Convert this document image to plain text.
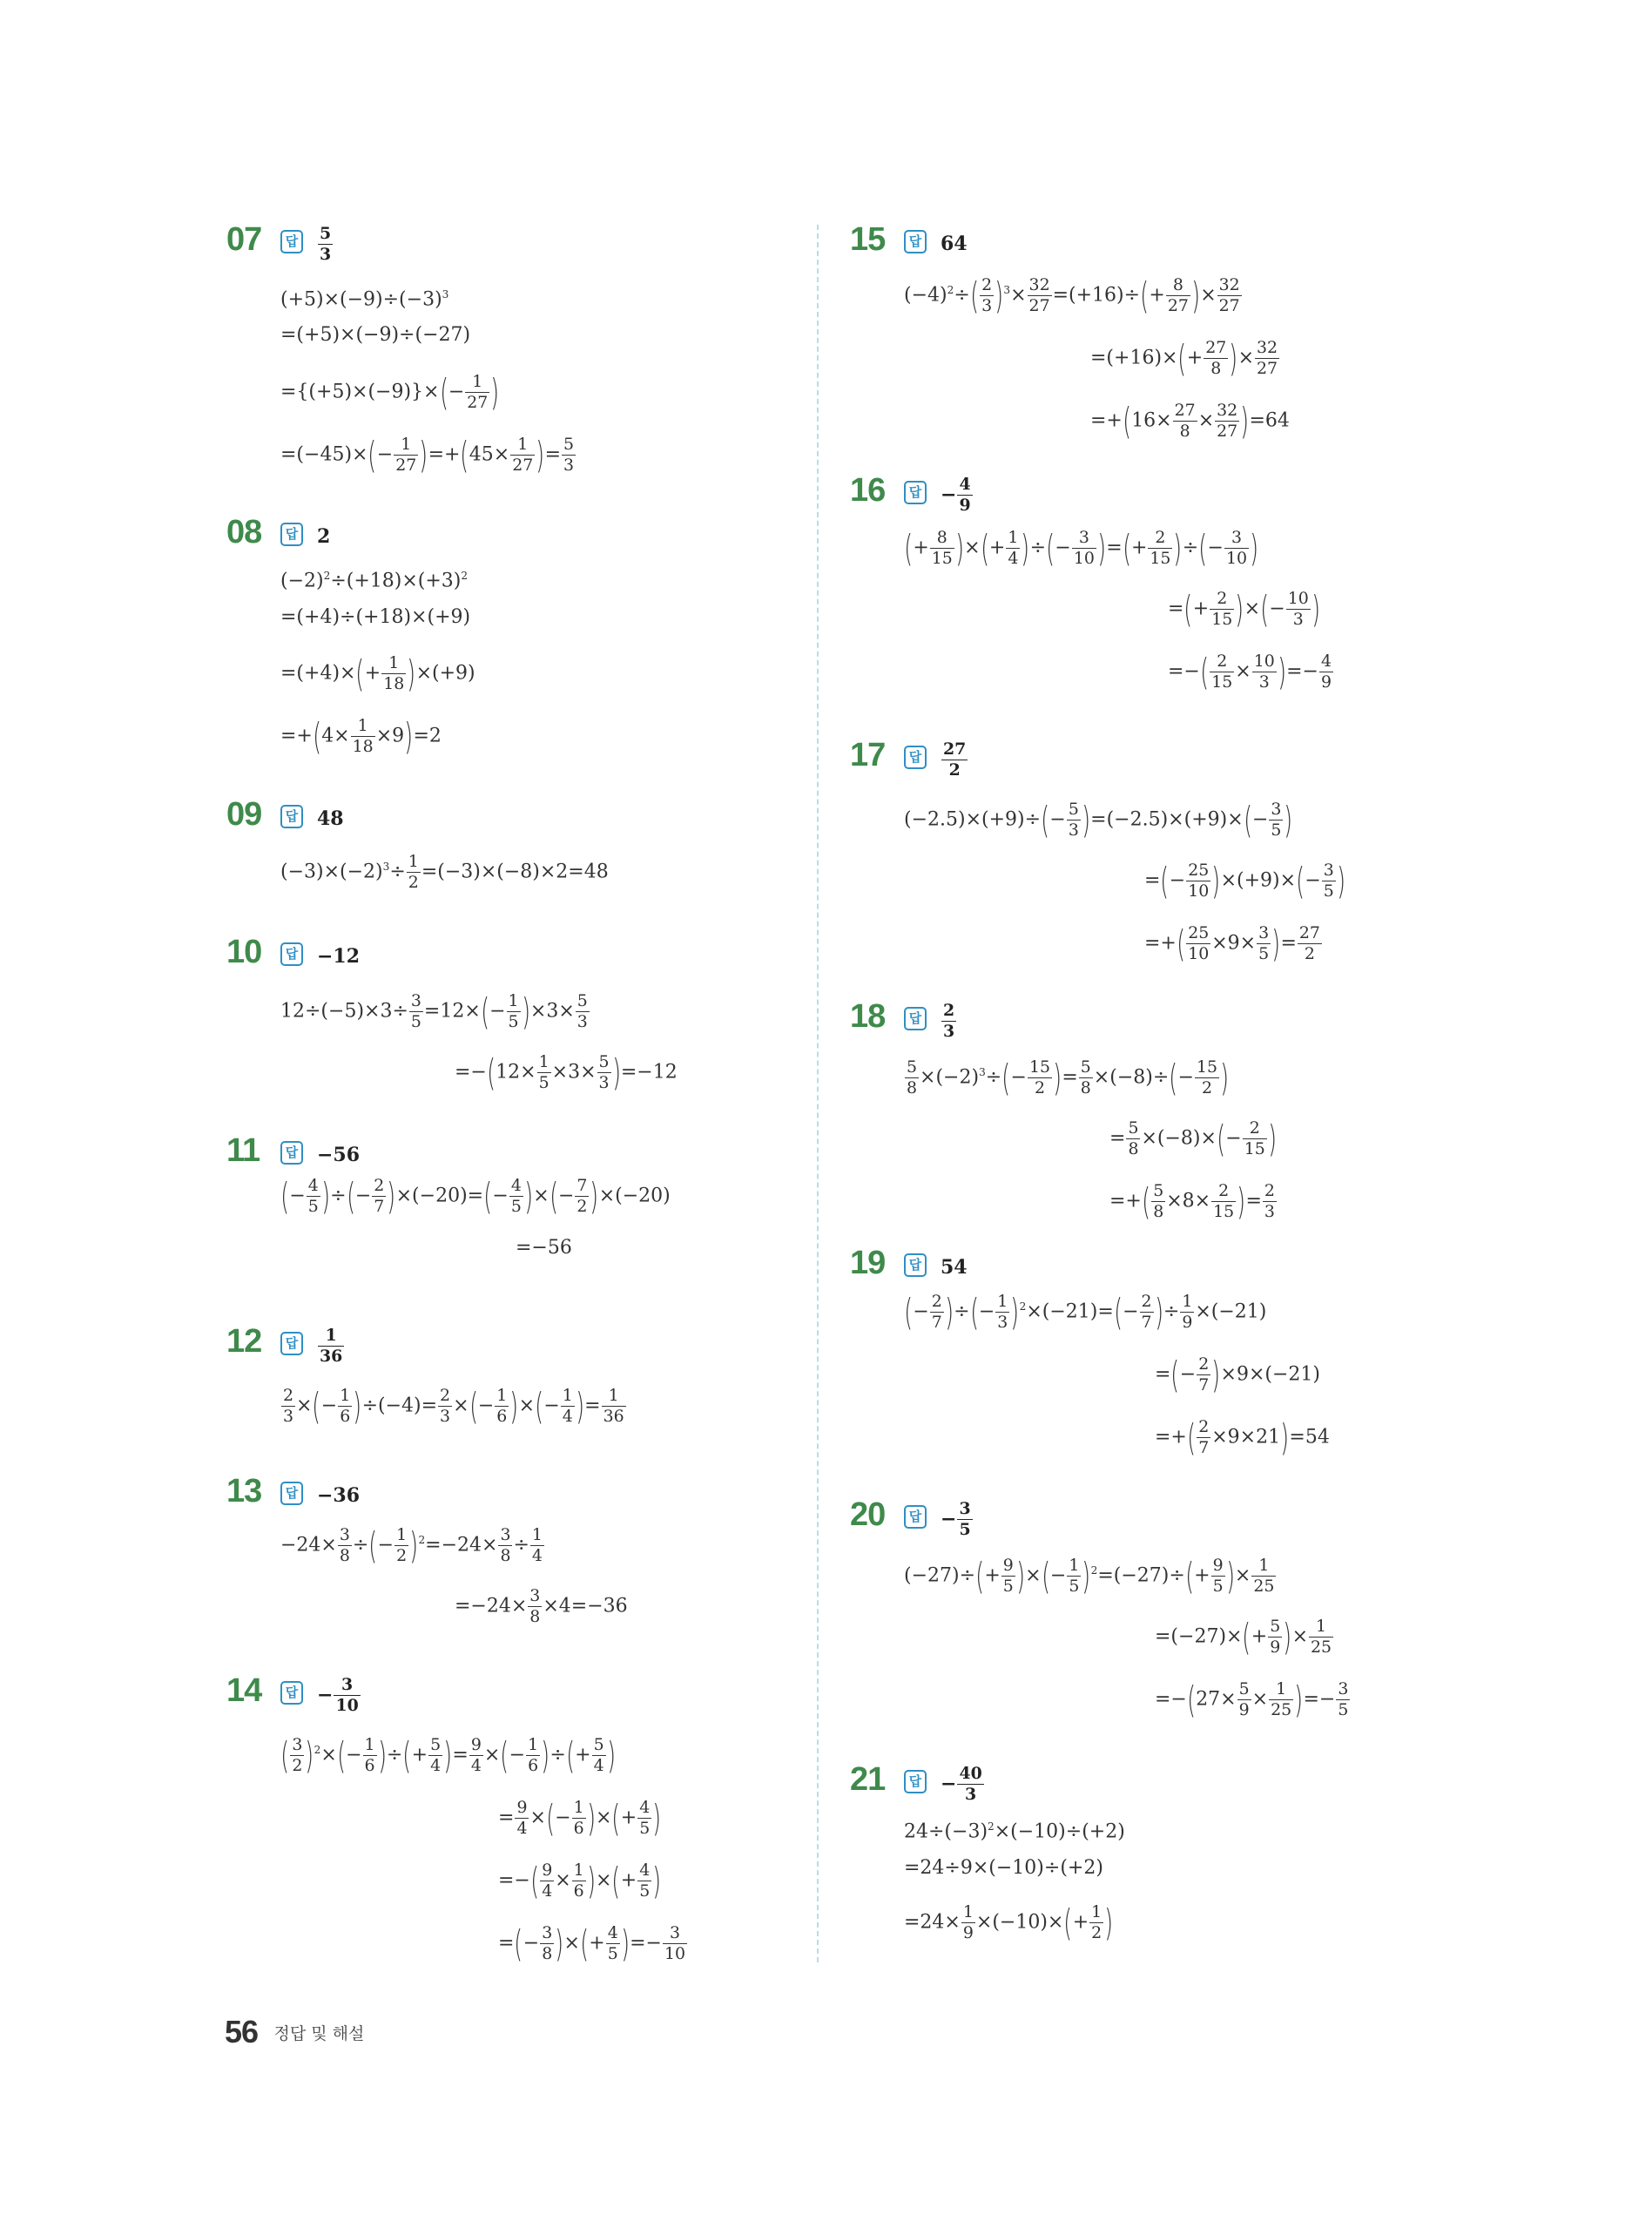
07	답	$\frac{5}{3}$
$(+5)\times(-9)\div(-3)^3$
=(+5)×(−9)÷(−27)
$=\{(+5)\times(-9)\}\times(- \frac{1}{27}$ )
$=(-45)\times(- \frac{1}{27} )=+(45\times \frac{1}{27}$ )= $\frac{5}{3}$
08	답 2
$(-2)^2\div(+18)\times(+3)^2$
=(+4)÷(+18)×(+9)
$=(+4)\times(+ \frac{1}{18} )\times(+9)$
$=+(4\times \frac{1}{18} \times 9)=2$
09	답 48
$(-3)\times(-2)^3\div \frac{1}{2} =(-3)\times(-8)\times 2=48$
10	답 −12
$12\div(-5)\times 3\div \frac{3}{5} =12\times(- \frac{1}{5} )\times 3\times \frac{5}{3}$
$=-(12\times \frac{1}{5} \times 3\times \frac{5}{3} )=-12$
11	답 −56
(− $\frac{4}{5}$ )÷(− $\frac{2}{7} )\times(-20)=(- \frac{4}{5}$ )×(− $\frac{7}{2} )\times(-20)$
=−56
12	답	$\frac{1}{36}$
$\frac{2}{3}$ ×(− $\frac{1}{6} )\div(-4)= \frac{2}{3}$ ×(− $\frac{1}{6}$ )×(− $\frac{1}{4}$ )= $\frac{1}{36}$
13	답 −36
$-24\times \frac{3}{8}$ ÷(− $\frac{1}{2} )^2=-24\times \frac{3}{8} \div \frac{1}{4}$
$=-24\times \frac{3}{8} \times 4=-36$
14	답 − $\frac{3}{10}$
( $\frac{3}{2} )^2\times(- \frac{1}{6}$ )÷(+ $\frac{5}{4}$ )= $\frac{9}{4}$ ×(− $\frac{1}{6}$ )÷(+ $\frac{5}{4}$ )
= $\frac{9}{4}$ ×(− $\frac{1}{6}$ )×(+ $\frac{4}{5}$ )
=−( $\frac{9}{4} \times \frac{1}{6}$ )×(+ $\frac{4}{5}$ )
=(− $\frac{3}{8}$ )×(+ $\frac{4}{5}$ )=− $\frac{3}{10}$
15	답 64
$(-4)^2\div( \frac{2}{3} )^3\times \frac{32}{27} =(+16)\div(+ \frac{8}{27}$ )× $\frac{32}{27}$
$=(+16)\times(+ \frac{27}{8}$ )× $\frac{32}{27}$
$=+(16\times \frac{27}{8} \times \frac{32}{27} )=64$
16	답 − $\frac{4}{9}$
(+ $\frac{8}{15}$ )×(+ $\frac{1}{4}$ )÷(− $\frac{3}{10}$ )=(+ $\frac{2}{15}$ )÷(− $\frac{3}{10}$ )
=(+ $\frac{2}{15}$ )×(− $\frac{10}{3}$ )
=−( $\frac{2}{15} \times \frac{10}{3}$ )=− $\frac{4}{9}$
17	답	$\frac{27}{2}$
$(-2.5)\times(+9)\div(- \frac{5}{3} )=(-2.5)\times(+9)\times(- \frac{3}{5}$ )
=(− $\frac{25}{10} )\times(+9)\times(- \frac{3}{5}$ )
=+( $\frac{25}{10} \times 9\times \frac{3}{5}$ )= $\frac{27}{2}$
18	답	$\frac{2}{3}$
$\frac{5}{8} \times(-2)^3\div(- \frac{15}{2}$ )= $\frac{5}{8} \times(-8)\div(- \frac{15}{2}$ )
= $\frac{5}{8} \times(-8)\times(- \frac{2}{15}$ )
=+( $\frac{5}{8} \times 8\times \frac{2}{15}$ )= $\frac{2}{3}$
19	답 54
(− $\frac{2}{7}$ )÷(− $\frac{1}{3} )^2\times(-21)=(- \frac{2}{7}$ )÷ $\frac{1}{9} \times(-21)$
=(− $\frac{2}{7} )\times 9\times(-21)$
=+( $\frac{2}{7} \times 9\times 21)=54$
20	답 − $\frac{3}{5}$
$(-27)\div(+ \frac{9}{5}$ )×(− $\frac{1}{5} )^2=(-27)\div(+ \frac{9}{5}$ )× $\frac{1}{25}$
$=(-27)\times(+ \frac{5}{9}$ )× $\frac{1}{25}$
$=-(27\times \frac{5}{9} \times \frac{1}{25}$ )=− $\frac{3}{5}$
21	답 − $\frac{40}{3}$
$24\div(-3)^2\times(-10)\div(+2)$
=24÷9×(−10)÷(+2)
$=24\times \frac{1}{9} \times(-10)\times(+ \frac{1}{2}$ )
56 정답 및 해설
